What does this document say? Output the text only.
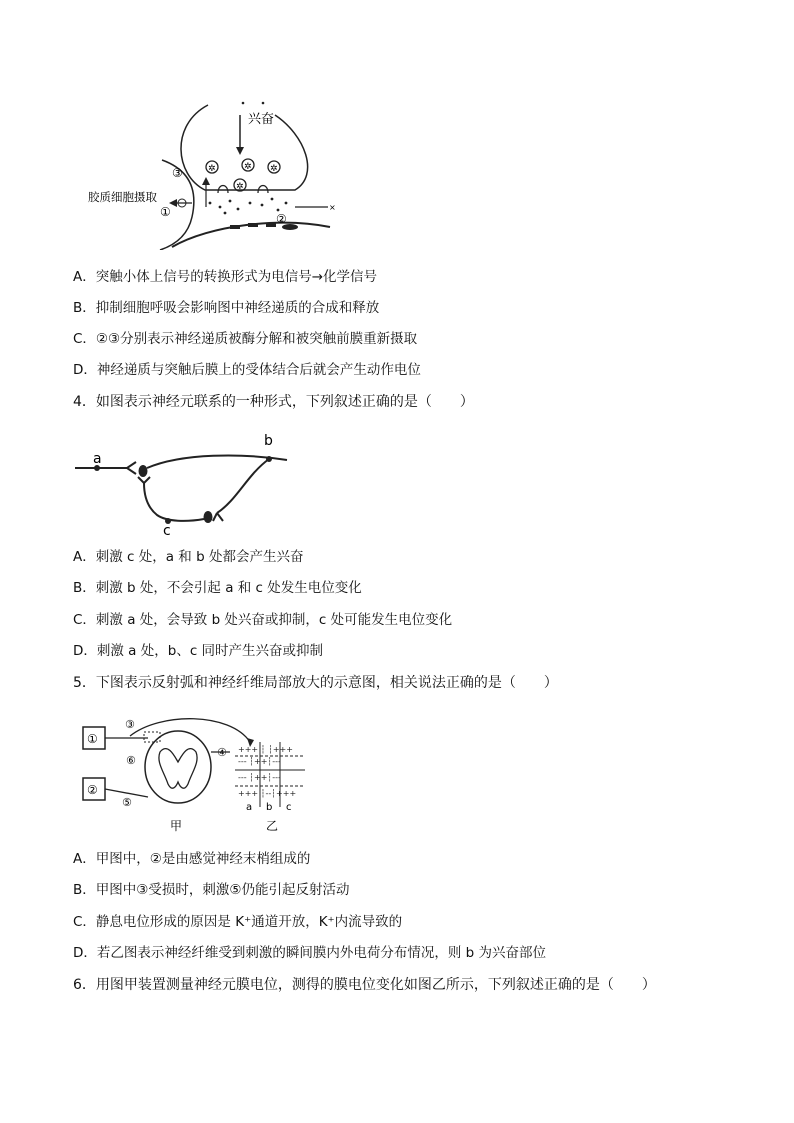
兴奋
✲	✲ ✲
✲
③
胶质细胞摄取
①	×
②
A．突触小体上信号的转换形式为电信号→化学信号
B．抑制细胞呼吸会影响图中神经递质的合成和释放
C．②③分别表示神经递质被酶分解和被突触前膜重新摄取
D．神经递质与突触后膜上的受体结合后就会产生动作电位
4．如图表示神经元联系的一种形式，下列叙述正确的是（　　）
a
b
c
A．刺激 c 处，a 和 b 处都会产生兴奋
B．刺激 b 处，不会引起 a 和 c 处发生电位变化
C．刺激 a 处，会导致 b 处兴奋或抑制，c 处可能发生电位变化
D．刺激 a 处，b、c 同时产生兴奋或抑制
5．下图表示反射弧和神经纤维局部放大的示意图，相关说法正确的是（　　）
①
②
③
⑥
④
⑤
+++ ┆ ┆+++
--- ┆++┆---
--- ┆++┆---
+++ ┆--┆+++
a b c
甲	乙
A．甲图中，②是由感觉神经末梢组成的
B．甲图中③受损时，刺激⑤仍能引起反射活动
C．静息电位形成的原因是 K⁺通道开放，K⁺内流导致的
D．若乙图表示神经纤维受到刺激的瞬间膜内外电荷分布情况，则 b 为兴奋部位
6．用图甲装置测量神经元膜电位，测得的膜电位变化如图乙所示，下列叙述正确的是（　　）
